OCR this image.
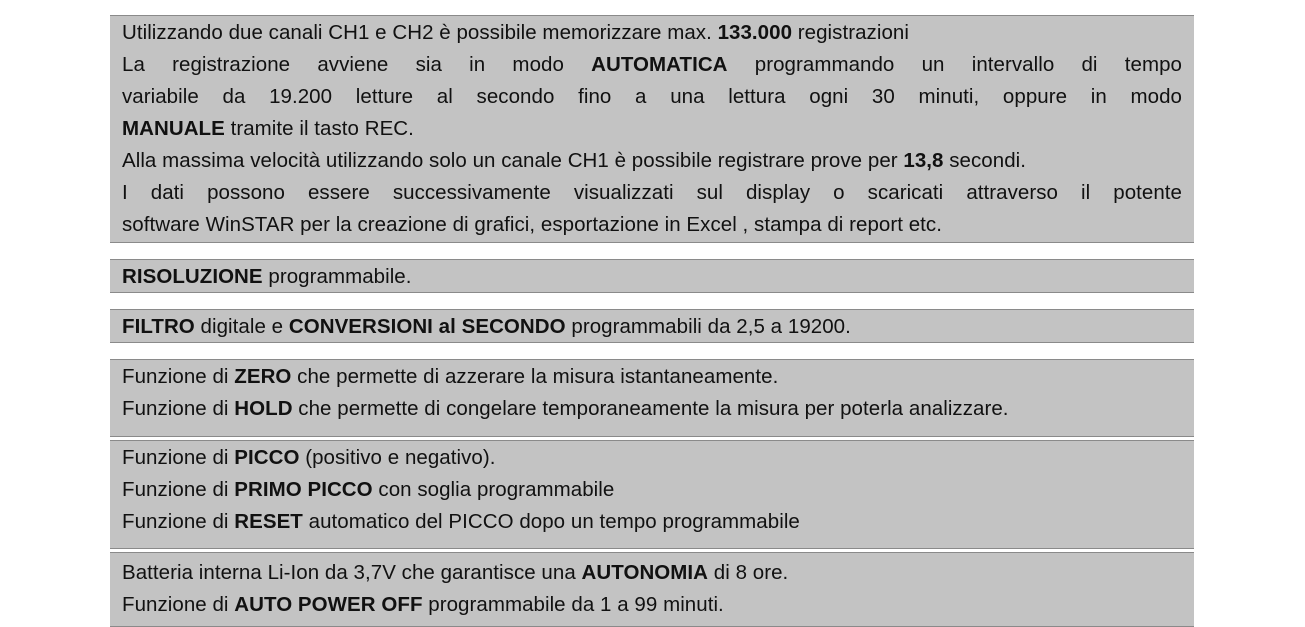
Utilizzando due canali CH1 e CH2 è possibile memorizzare max. 133.000 registrazioni
La registrazione avviene sia in modo AUTOMATICA programmando un intervallo di tempo
variabile da 19.200 letture al secondo fino a una lettura ogni 30 minuti, oppure in modo
MANUALE tramite il tasto REC.
Alla massima velocità utilizzando solo un canale CH1 è possibile registrare prove per 13,8 secondi.
I dati possono essere successivamente visualizzati sul display o scaricati attraverso il potente
software WinSTAR per la creazione di grafici, esportazione in Excel , stampa di report etc.
RISOLUZIONE programmabile.
FILTRO digitale e CONVERSIONI al SECONDO programmabili da 2,5 a 19200.
Funzione di ZERO che permette di azzerare la misura istantaneamente.
Funzione di HOLD che permette di congelare temporaneamente la misura per poterla analizzare.
Funzione di PICCO (positivo e negativo).
Funzione di PRIMO PICCO con soglia programmabile
Funzione di RESET automatico del PICCO dopo un tempo programmabile
Batteria interna Li-Ion da 3,7V che garantisce una AUTONOMIA di 8 ore.
Funzione di AUTO POWER OFF programmabile da 1 a 99 minuti.
